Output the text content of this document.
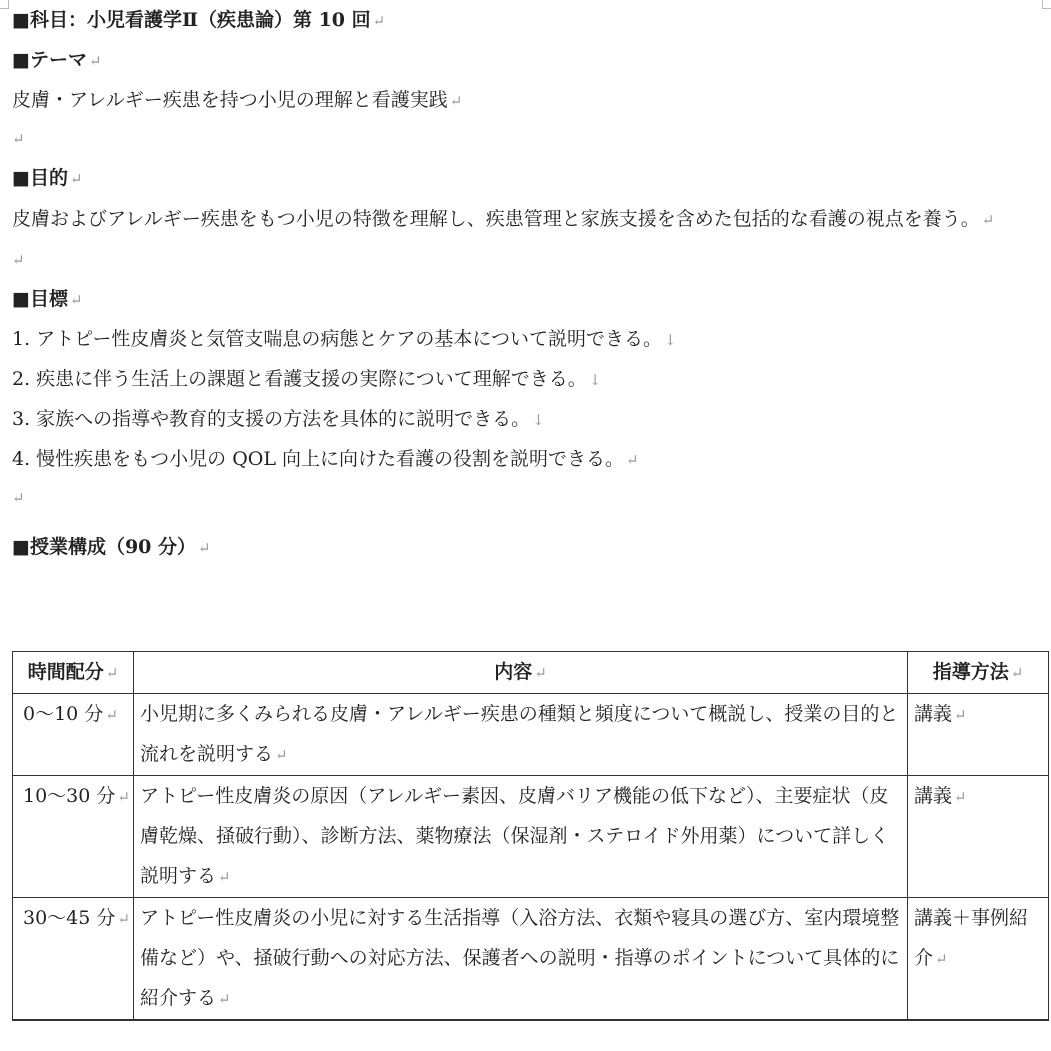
■科目：小児看護学Ⅱ（疾患論）第 10 回 ↵
■テーマ ↵
皮膚・アレルギー疾患を持つ小児の理解と看護実践 ↵
↵
■目的 ↵
皮膚およびアレルギー疾患をもつ小児の特徴を理解し、疾患管理と家族支援を含めた包括的な看護の視点を養う。 ↵
↵
■目標 ↵
1. アトピー性皮膚炎と気管支喘息の病態とケアの基本について説明できる。 ↓
2. 疾患に伴う生活上の課題と看護支援の実際について理解できる。 ↓
3. 家族への指導や教育的支援の方法を具体的に説明できる。 ↓
4. 慢性疾患をもつ小児の QOL 向上に向けた看護の役割を説明できる。 ↵
↵
■授業構成（90 分） ↵
時間配分 ↵	内容 ↵	指導方法 ↵
0～10 分 ↵	小児期に多くみられる皮膚・アレルギー疾患の種類と頻度について概説し、授業の目的と流れを説明する ↵	講義 ↵
10～30 分 ↵	アトピー性皮膚炎の原因（アレルギー素因、皮膚バリア機能の低下など）、主要症状（皮膚乾燥、掻破行動）、診断方法、薬物療法（保湿剤・ステロイド外用薬）について詳しく説明する ↵	講義 ↵
30～45 分 ↵	アトピー性皮膚炎の小児に対する生活指導（入浴方法、衣類や寝具の選び方、室内環境整備など）や、掻破行動への対応方法、保護者への説明・指導のポイントについて具体的に紹介する ↵	講義＋事例紹介 ↵
